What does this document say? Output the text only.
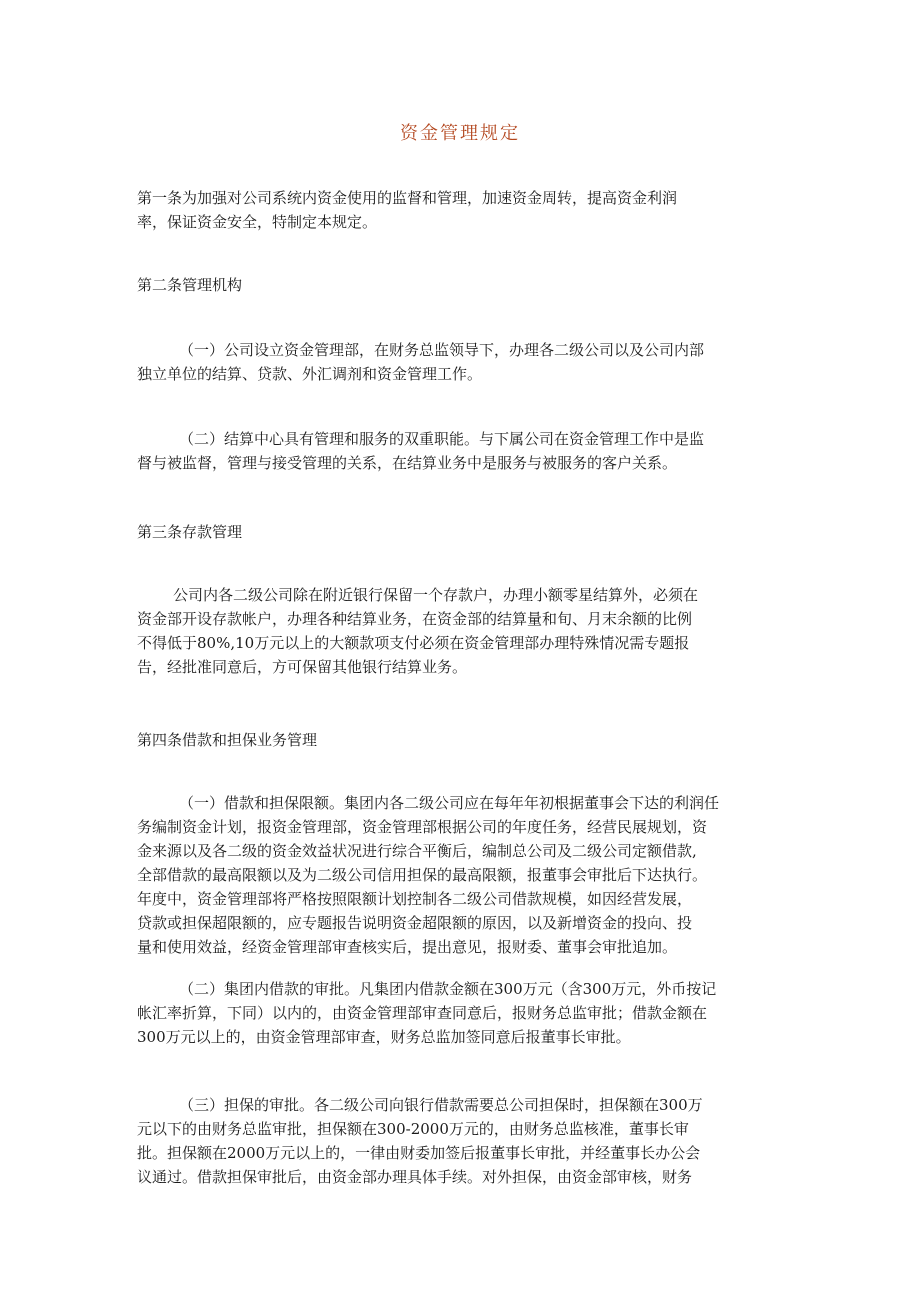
资金管理规定
第一条为加强对公司系统内资金使用的监督和管理，加速资金周转，提高资金利润
率，保证资金安全，特制定本规定。
第二条管理机构
（一）公司设立资金管理部，在财务总监领导下，办理各二级公司以及公司内部
独立单位的结算、贷款、外汇调剂和资金管理工作。
（二）结算中心具有管理和服务的双重职能。与下属公司在资金管理工作中是监
督与被监督，管理与接受管理的关系，在结算业务中是服务与被服务的客户关系。
第三条存款管理
公司内各二级公司除在附近银行保留一个存款户，办理小额零星结算外，必须在
资金部开设存款帐户，办理各种结算业务，在资金部的结算量和旬、月末余额的比例
不得低于80%,10万元以上的大额款项支付必须在资金管理部办理特殊情况需专题报
告，经批准同意后，方可保留其他银行结算业务。
第四条借款和担保业务管理
（一）借款和担保限额。集团内各二级公司应在每年年初根据董事会下达的利润任
务编制资金计划，报资金管理部，资金管理部根据公司的年度任务，经营民展规划，资
金来源以及各二级的资金效益状况进行综合平衡后，编制总公司及二级公司定额借款,
全部借款的最高限额以及为二级公司信用担保的最高限额，报董事会审批后下达执行。
年度中，资金管理部将严格按照限额计划控制各二级公司借款规模，如因经营发展，
贷款或担保超限额的，应专题报告说明资金超限额的原因，以及新增资金的投向、投
量和使用效益，经资金管理部审查核实后，提出意见，报财委、董事会审批追加。
（二）集团内借款的审批。凡集团内借款金额在300万元（含300万元，外币按记
帐汇率折算，下同）以内的，由资金管理部审查同意后，报财务总监审批；借款金额在
300万元以上的，由资金管理部审查，财务总监加签同意后报董事长审批。
（三）担保的审批。各二级公司向银行借款需要总公司担保时，担保额在300万
元以下的由财务总监审批，担保额在300-2000万元的，由财务总监核准，董事长审
批。担保额在2000万元以上的，一律由财委加签后报董事长审批，并经董事长办公会
议通过。借款担保审批后，由资金部办理具体手续。对外担保，由资金部审核，财务
